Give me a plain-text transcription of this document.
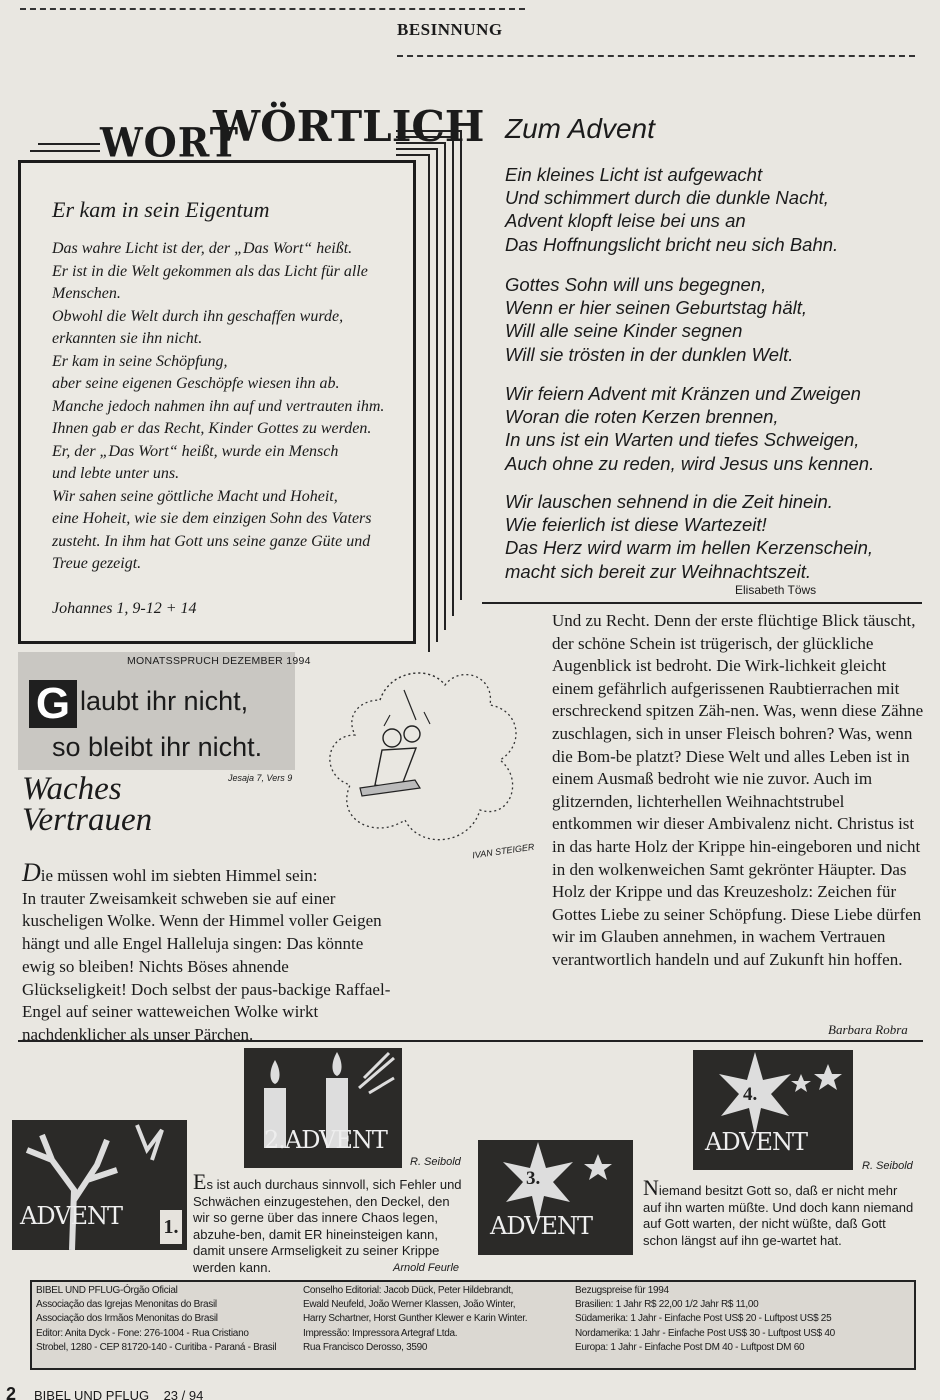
BESINNUNG
WORT
WÖRTLICH
Er kam in sein Eigentum
Das wahre Licht ist der, der „Das Wort“ heißt.
Er ist in die Welt gekommen als das Licht für alle Menschen.
Obwohl die Welt durch ihn geschaffen wurde, erkannten sie ihn nicht.
Er kam in seine Schöpfung,
aber seine eigenen Geschöpfe wiesen ihn ab.
Manche jedoch nahmen ihn auf und vertrauten ihm.
Ihnen gab er das Recht, Kinder Gottes zu werden.
Er, der „Das Wort“ heißt, wurde ein Mensch
und lebte unter uns.
Wir sahen seine göttliche Macht und Hoheit,
eine Hoheit, wie sie dem einzigen Sohn des Vaters zusteht. In ihm hat Gott uns seine ganze Güte und Treue gezeigt.
Johannes 1, 9-12 + 14
Zum Advent
Ein kleines Licht ist aufgewacht
Und schimmert durch die dunkle Nacht,
Advent klopft leise bei uns an
Das Hoffnungslicht bricht neu sich Bahn.
Gottes Sohn will uns begegnen,
Wenn er hier seinen Geburtstag hält,
Will alle seine Kinder segnen
Will sie trösten in der dunklen Welt.
Wir feiern Advent mit Kränzen und Zweigen
Woran die roten Kerzen brennen,
In uns ist ein Warten und tiefes Schweigen,
Auch ohne zu reden, wird Jesus uns kennen.
Wir lauschen sehnend in die Zeit hinein.
Wie feierlich ist diese Wartezeit!
Das Herz wird warm im hellen Kerzenschein,
macht sich bereit zur Weihnachtszeit.
Elisabeth Töws
MONATSSPRUCH DEZEMBER 1994
G laubt ihr nicht,
so bleibt ihr nicht.
Jesaja 7, Vers 9
Waches
Vertrauen
IVAN STEIGER
Die müssen wohl im siebten Himmel sein:
In trauter Zweisamkeit schweben sie auf einer kuscheligen Wolke. Wenn der Himmel voller Geigen hängt und alle Engel Halleluja singen: Das könnte ewig so bleiben! Nichts Böses ahnende Glückseligkeit! Doch selbst der paus-backige Raffael-Engel auf seiner watteweichen Wolke wirkt nachdenklicher als unser Pärchen.
Und zu Recht. Denn der erste flüchtige Blick täuscht, der schöne Schein ist trügerisch, der glückliche Augenblick ist bedroht. Die Wirk-lichkeit gleicht einem gefährlich aufgerissenen Raubtierrachen mit erschreckend spitzen Zäh-nen. Was, wenn diese Zähne zuschlagen, sich in unser Fleisch bohren? Was, wenn die Bom-be platzt? Diese Welt und alles Leben ist in einem Ausmaß bedroht wie nie zuvor. Auch im glitzernden, lichterhellen Weihnachtstrubel entkommen wir dieser Ambivalenz nicht. Christus ist in das harte Holz der Krippe hin-eingeboren und nicht in den wolkenweichen Samt gekrönter Häupter. Das Holz der Krippe und das Kreuzesholz: Zeichen für Gottes Liebe zu seiner Schöpfung. Diese Liebe dürfen wir im Glauben annehmen, in wachem Vertrauen verantwortlich handeln und auf Zukunft hin hoffen.
Barbara Robra
ADVENT 1.
2.ADVENT
R. Seibold
3.
ADVENT
4.
ADVENT
R. Seibold
Es ist auch durchaus sinnvoll, sich Fehler und Schwächen einzugestehen, den Deckel, den wir so gerne über das innere Chaos legen, abzuhe-ben, damit ER hineinsteigen kann, damit unsere Armseligkeit zu seiner Krippe werden kann.	Arnold Feurle
Niemand besitzt Gott so, daß er nicht mehr auf ihn warten müßte. Und doch kann niemand auf Gott warten, der nicht wüßte, daß Gott schon längst auf ihn ge-wartet hat.
BIBEL UND PFLUG-Órgão Oficial
Associação das Igrejas Menonitas do Brasil
Associação dos Irmãos Menonitas do Brasil
Editor: Anita Dyck - Fone: 276-1004 - Rua Cristiano
Strobel, 1280 - CEP 81720-140 - Curitiba - Paraná - Brasil
Conselho Editorial: Jacob Dück, Peter Hildebrandt,
Ewald Neufeld, João Werner Klassen, João Winter,
Harry Schartner, Horst Gunther Klewer e Karin Winter.
Impressão: Impressora Artegraf Ltda.
Rua Francisco Derosso, 3590
Bezugspreise für 1994
Brasilien: 1 Jahr R$ 22,00 1/2 Jahr R$ 11,00
Südamerika: 1 Jahr - Einfache Post US$ 20 - Luftpost US$ 25
Nordamerika: 1 Jahr - Einfache Post US$ 30 - Luftpost US$ 40
Europa: 1 Jahr - Einfache Post DM 40 - Luftpost DM 60
2 BIBEL UND PFLUG 23 / 94
